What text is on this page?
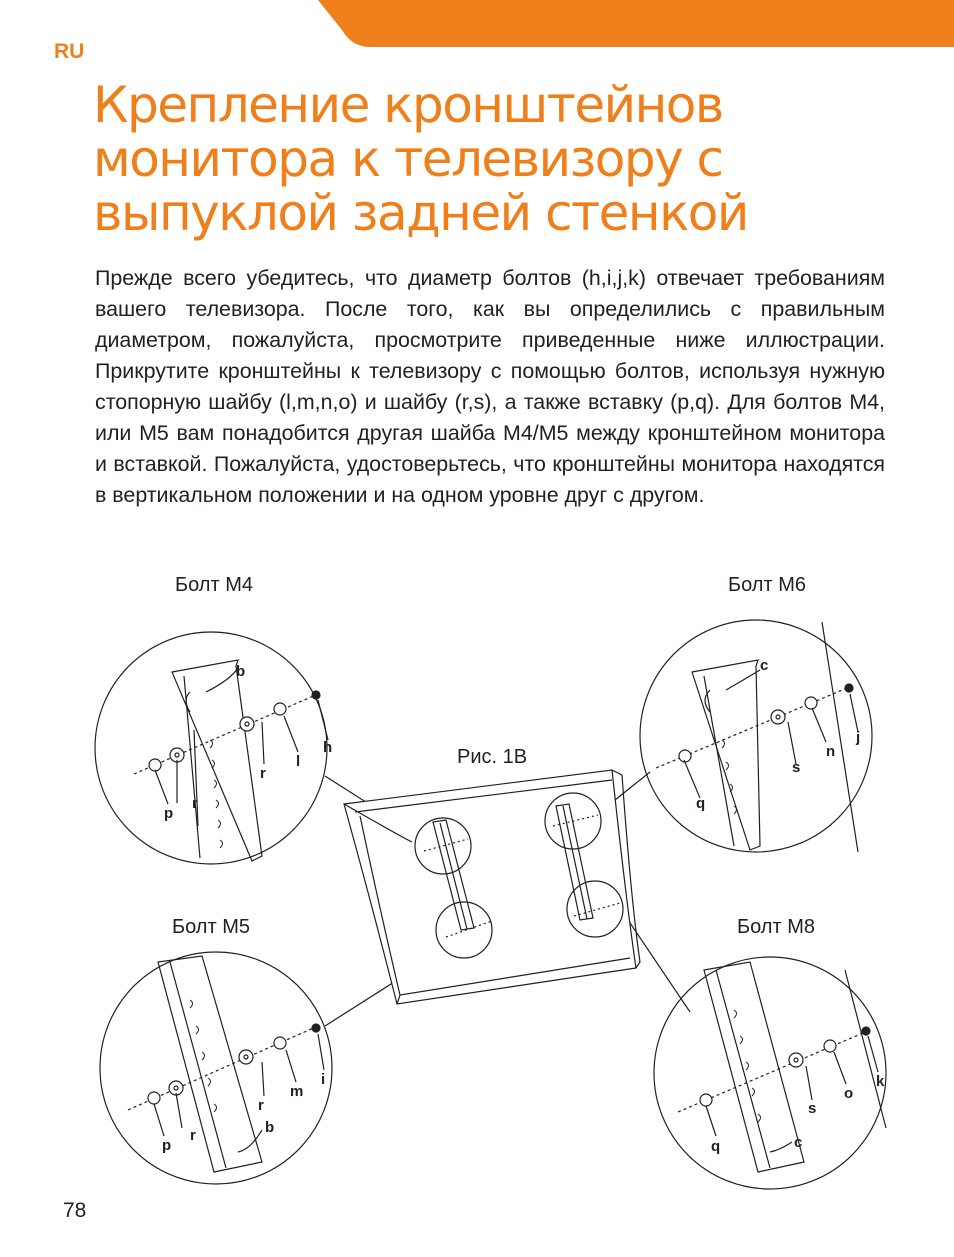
RU
Крепление кронштейнов монитора к телевизору с выпуклой задней стенкой

Прежде всего убедитесь, что диаметр болтов (h,i,j,k) отвечает требованиям вашего телевизора. После того, как вы определились с правильным диаметром, пожалуйста, просмотрите приведенные ниже иллюстрации. Прикрутите кронштейны к телевизору с помощью болтов, используя нужную стопорную шайбу (l,m,n,o) и шайбу (r,s), а также вставку (p,q). Для болтов M4, или M5 вам понадобится другая шайба M4/M5 между кронштейном монитора и вставкой. Пожалуйста, удостоверьтесь, что кронштейны монитора находятся в вертикальном положении и на одном уровне друг с другом.

Болт M4	Болт M6
Рис. 1B
Болт M5	Болт M8
b
h
l
r
p
r
c
j
n
s
q
i
m
r
b
p
r
k
o
s
q	c
78
